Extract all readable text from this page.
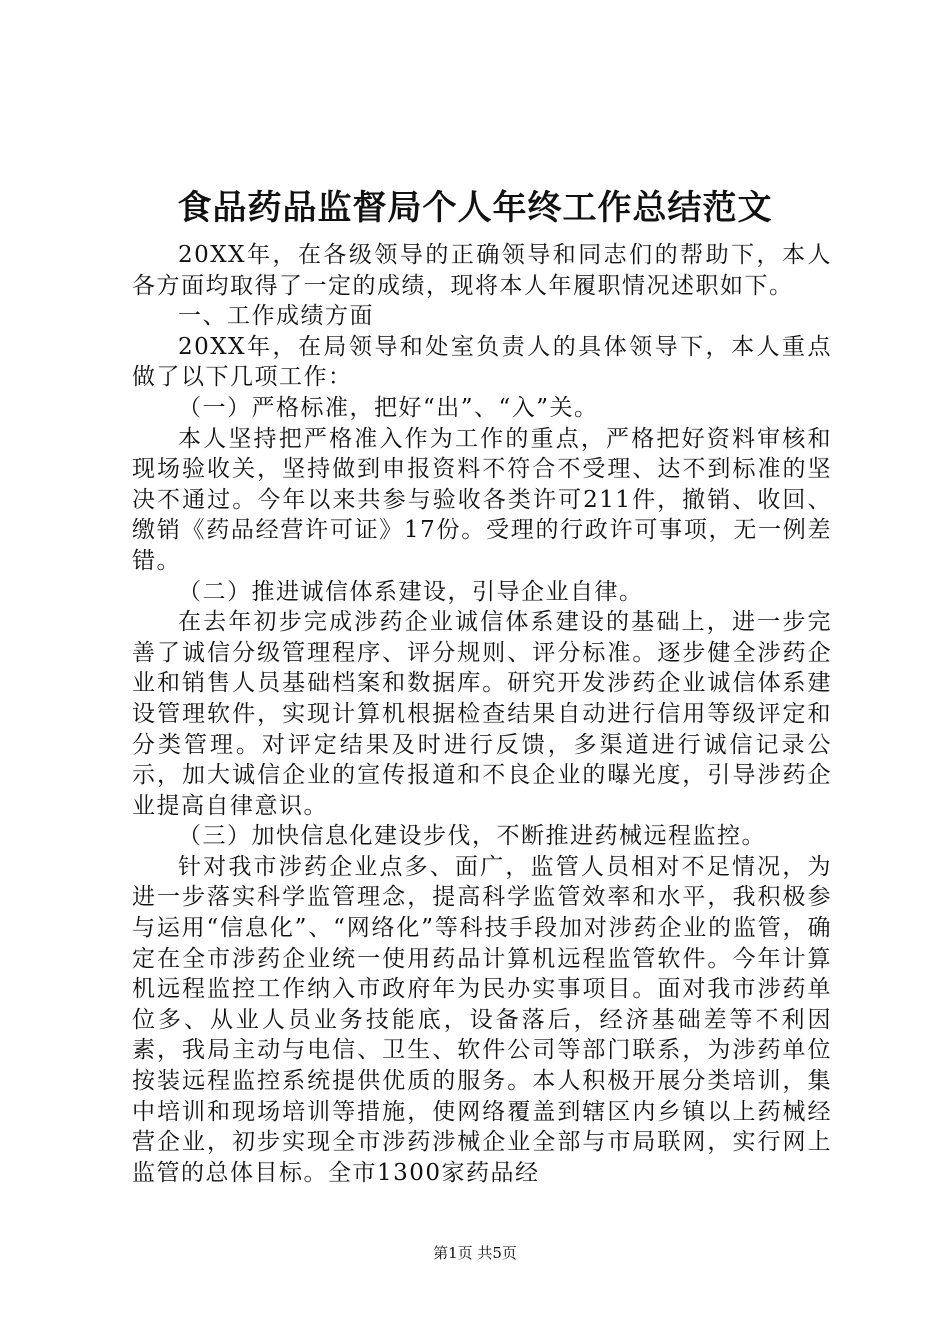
食品药品监督局个人年终工作总结范文

20XX年，在各级领导的正确领导和同志们的帮助下，本人各方面均取得了一定的成绩，现将本人年履职情况述职如下。

一、工作成绩方面

20XX年，在局领导和处室负责人的具体领导下，本人重点做了以下几项工作：

（一）严格标准，把好“出”、“入”关。

本人坚持把严格准入作为工作的重点，严格把好资料审核和现场验收关，坚持做到申报资料不符合不受理、达不到标准的坚决不通过。今年以来共参与验收各类许可211件，撤销、收回、缴销《药品经营许可证》17份。受理的行政许可事项，无一例差错。

（二）推进诚信体系建设，引导企业自律。

在去年初步完成涉药企业诚信体系建设的基础上，进一步完善了诚信分级管理程序、评分规则、评分标准。逐步健全涉药企业和销售人员基础档案和数据库。研究开发涉药企业诚信体系建设管理软件，实现计算机根据检查结果自动进行信用等级评定和分类管理。对评定结果及时进行反馈，多渠道进行诚信记录公示，加大诚信企业的宣传报道和不良企业的曝光度，引导涉药企业提高自律意识。

（三）加快信息化建设步伐，不断推进药械远程监控。

针对我市涉药企业点多、面广，监管人员相对不足情况，为进一步落实科学监管理念，提高科学监管效率和水平，我积极参与运用“信息化”、“网络化”等科技手段加对涉药企业的监管，确定在全市涉药企业统一使用药品计算机远程监管软件。今年计算机远程监控工作纳入市政府年为民办实事项目。面对我市涉药单位多、从业人员业务技能底，设备落后，经济基础差等不利因素，我局主动与电信、卫生、软件公司等部门联系，为涉药单位按装远程监控系统提供优质的服务。本人积极开展分类培训，集中培训和现场培训等措施，使网络覆盖到辖区内乡镇以上药械经营企业，初步实现全市涉药涉械企业全部与市局联网，实行网上监管的总体目标。全市1300家药品经

第1页 共5页
